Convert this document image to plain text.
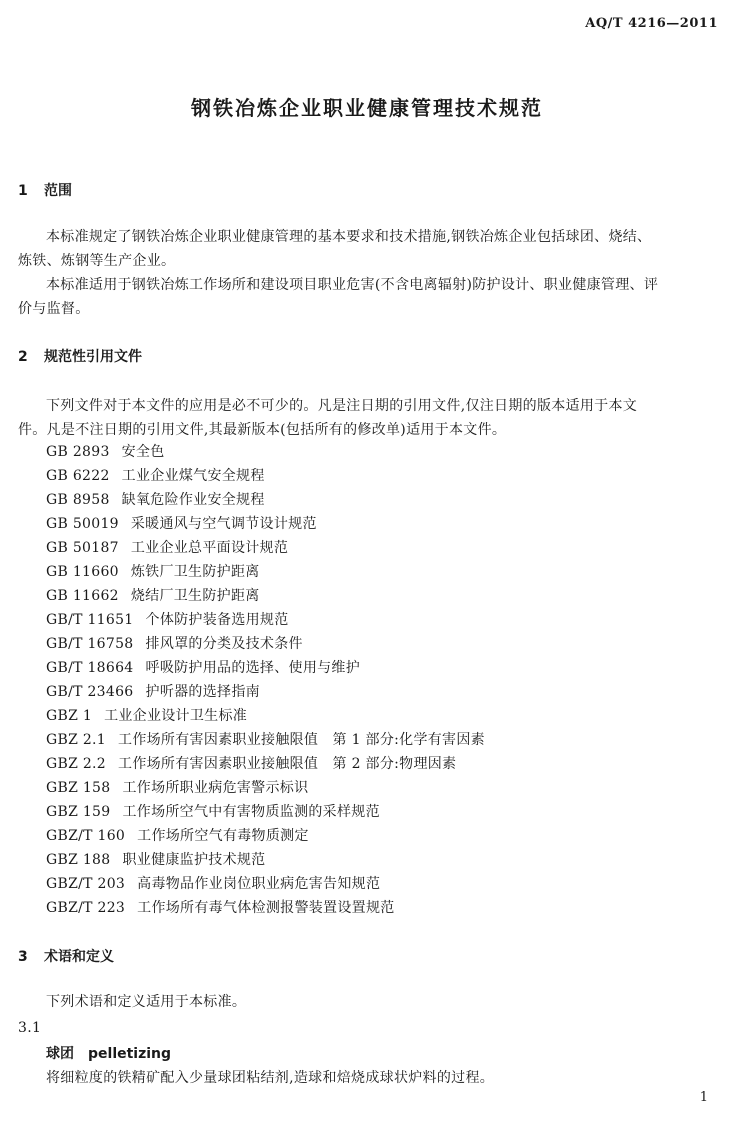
AQ/T 4216—2011
钢铁冶炼企业职业健康管理技术规范
1 范围
本标准规定了钢铁冶炼企业职业健康管理的基本要求和技术措施,钢铁冶炼企业包括球团、烧结、
炼铁、炼钢等生产企业。
本标准适用于钢铁冶炼工作场所和建设项目职业危害(不含电离辐射)防护设计、职业健康管理、评
价与监督。
2 规范性引用文件
下列文件对于本文件的应用是必不可少的。凡是注日期的引用文件,仅注日期的版本适用于本文
件。凡是不注日期的引用文件,其最新版本(包括所有的修改单)适用于本文件。
GB 2893 安全色
GB 6222 工业企业煤气安全规程
GB 8958 缺氧危险作业安全规程
GB 50019 采暖通风与空气调节设计规范
GB 50187 工业企业总平面设计规范
GB 11660 炼铁厂卫生防护距离
GB 11662 烧结厂卫生防护距离
GB/T 11651 个体防护装备选用规范
GB/T 16758 排风罩的分类及技术条件
GB/T 18664 呼吸防护用品的选择、使用与维护
GB/T 23466 护听器的选择指南
GBZ 1 工业企业设计卫生标准
GBZ 2.1 工作场所有害因素职业接触限值　第 1 部分:化学有害因素
GBZ 2.2 工作场所有害因素职业接触限值　第 2 部分:物理因素
GBZ 158 工作场所职业病危害警示标识
GBZ 159 工作场所空气中有害物质监测的采样规范
GBZ/T 160 工作场所空气有毒物质测定
GBZ 188 职业健康监护技术规范
GBZ/T 203 高毒物品作业岗位职业病危害告知规范
GBZ/T 223 工作场所有毒气体检测报警装置设置规范
3 术语和定义
下列术语和定义适用于本标准。
3.1
球团 pelletizing
将细粒度的铁精矿配入少量球团粘结剂,造球和焙烧成球状炉料的过程。
1
